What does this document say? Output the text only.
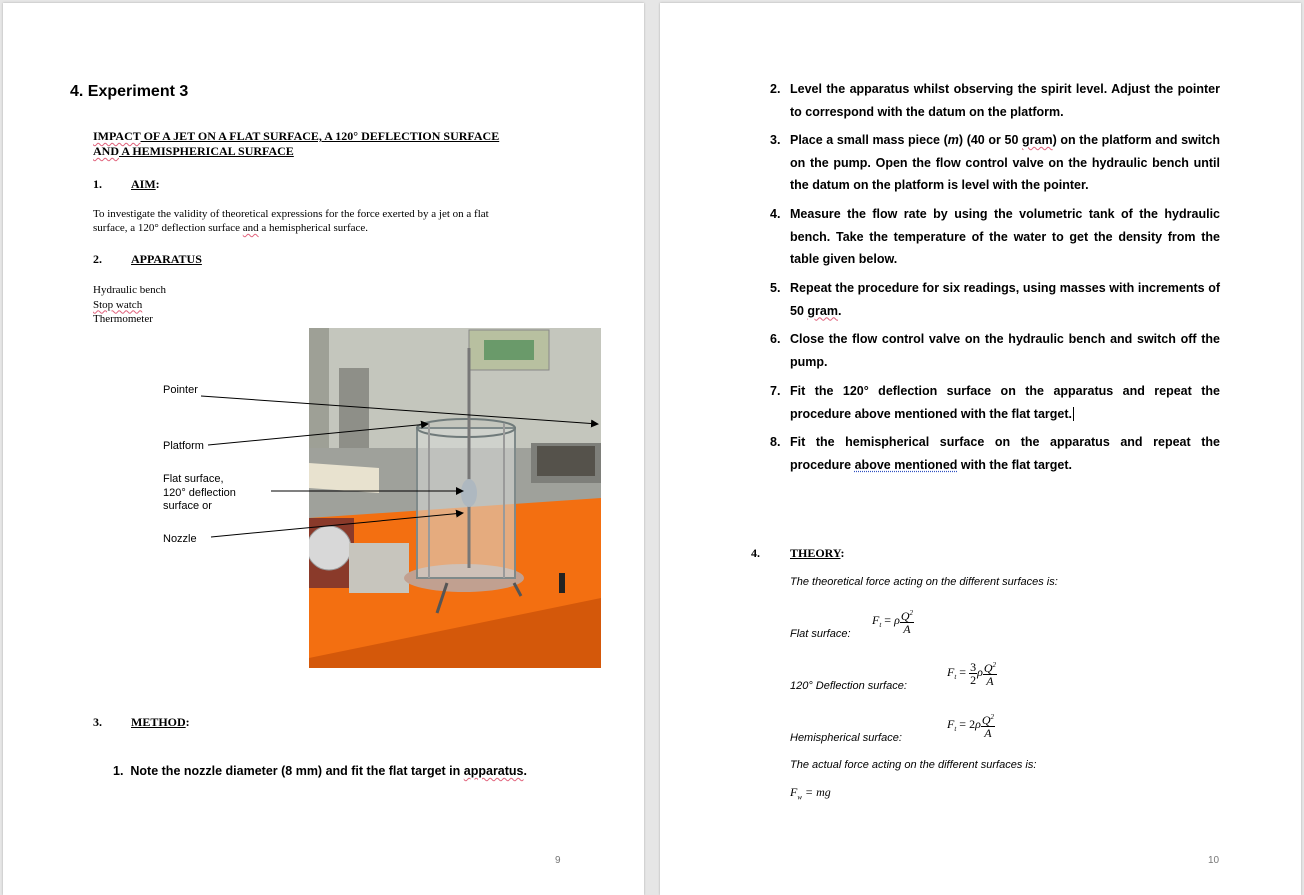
4. Experiment 3
IMPACT OF A JET ON A FLAT SURFACE, A 120° DEFLECTION SURFACE
AND A HEMISPHERICAL SURFACE
1. AIM:
To investigate the validity of theoretical expressions for the force exerted by a jet on a flat
surface, a 120° deflection surface and a hemispherical surface.
2. APPARATUS
Hydraulic bench
Stop watch
Thermometer
Pointer
Platform
Flat surface,
120° deflection
surface or
Nozzle
3. METHOD:
1. Note the nozzle diameter (8 mm) and fit the flat target in apparatus.
9
2. Level the apparatus whilst observing the spirit level. Adjust the pointer to correspond with the datum on the platform.
3. Place a small mass piece (m) (40 or 50 gram) on the platform and switch on the pump. Open the flow control valve on the hydraulic bench until the datum on the platform is level with the pointer.
4. Measure the flow rate by using the volumetric tank of the hydraulic bench. Take the temperature of the water to get the density from the table given below.
5. Repeat the procedure for six readings, using masses with increments of 50 gram.
6. Close the flow control valve on the hydraulic bench and switch off the pump.
7. Fit the 120° deflection surface on the apparatus and repeat the procedure above mentioned with the flat target.
8. Fit the hemispherical surface on the apparatus and repeat the procedure above mentioned with the flat target.
4.	THEORY:
The theoretical force acting on the different surfaces is:
Flat surface:
$F_t = \rho \frac{Q^2}{A}$
120° Deflection surface:
$F_t = \frac{3}{2}$ ρ $\frac{Q^2}{A}$
Hemispherical surface:
$F_t = 2\rho \frac{Q^2}{A}$
The actual force acting on the different surfaces is:
$F_w$ = mg
10
